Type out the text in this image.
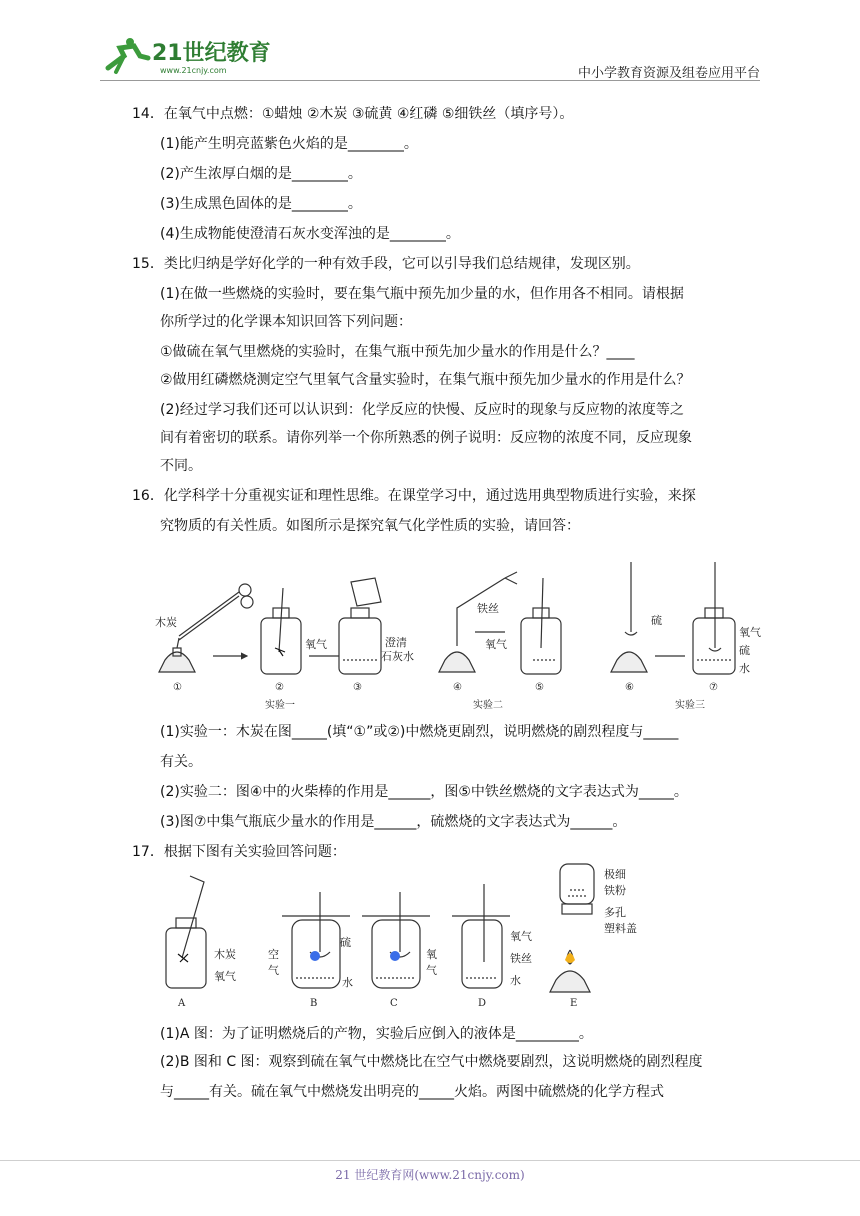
21世纪教育
www.21cnjy.com	中小学教育资源及组卷应用平台
14．在氧气中点燃：①蜡烛 ②木炭 ③硫黄 ④红磷 ⑤细铁丝（填序号）。
(1)能产生明亮蓝紫色火焰的是________。
(2)产生浓厚白烟的是________。
(3)生成黑色固体的是________。
(4)生成物能使澄清石灰水变浑浊的是________。
15．类比归纳是学好化学的一种有效手段，它可以引导我们总结规律，发现区别。
(1)在做一些燃烧的实验时，要在集气瓶中预先加少量的水，但作用各不相同。请根据
你所学过的化学课本知识回答下列问题：
①做硫在氧气里燃烧的实验时，在集气瓶中预先加少量水的作用是什么？____
②做用红磷燃烧测定空气里氧气含量实验时，在集气瓶中预先加少量水的作用是什么？
(2)经过学习我们还可以认识到：化学反应的快慢、反应时的现象与反应物的浓度等之
间有着密切的联系。请你列举一个你所熟悉的例子说明：反应物的浓度不同，反应现象
不同。
16．化学科学十分重视实证和理性思维。在课堂学习中，通过选用典型物质进行实验，来探
究物质的有关性质。如图所示是探究氧气化学性质的实验，请回答：
木炭
氧气	澄清
石灰水
铁丝
氧气
硫
氧气
硫
水
①	②	③	④	⑤	⑥	⑦
实验一	实验二	实验三
(1)实验一：木炭在图_____(填“①”或②)中燃烧更剧烈，说明燃烧的剧烈程度与_____
有关。
(2)实验二：图④中的火柴棒的作用是______，图⑤中铁丝燃烧的文字表达式为_____。
(3)图⑦中集气瓶底少量水的作用是______，硫燃烧的文字表达式为______。
17．根据下图有关实验回答问题：
木炭
氧气
空
气
硫
水
氧
气
氧气
铁丝
水
极细
铁粉
多孔
塑料盖
A	B	C	D	E
(1)A 图：为了证明燃烧后的产物，实验后应倒入的液体是_________。
(2)B 图和 C 图：观察到硫在氧气中燃烧比在空气中燃烧要剧烈，这说明燃烧的剧烈程度
与_____有关。硫在氧气中燃烧发出明亮的_____火焰。两图中硫燃烧的化学方程式
21 世纪教育网(www.21cnjy.com)
